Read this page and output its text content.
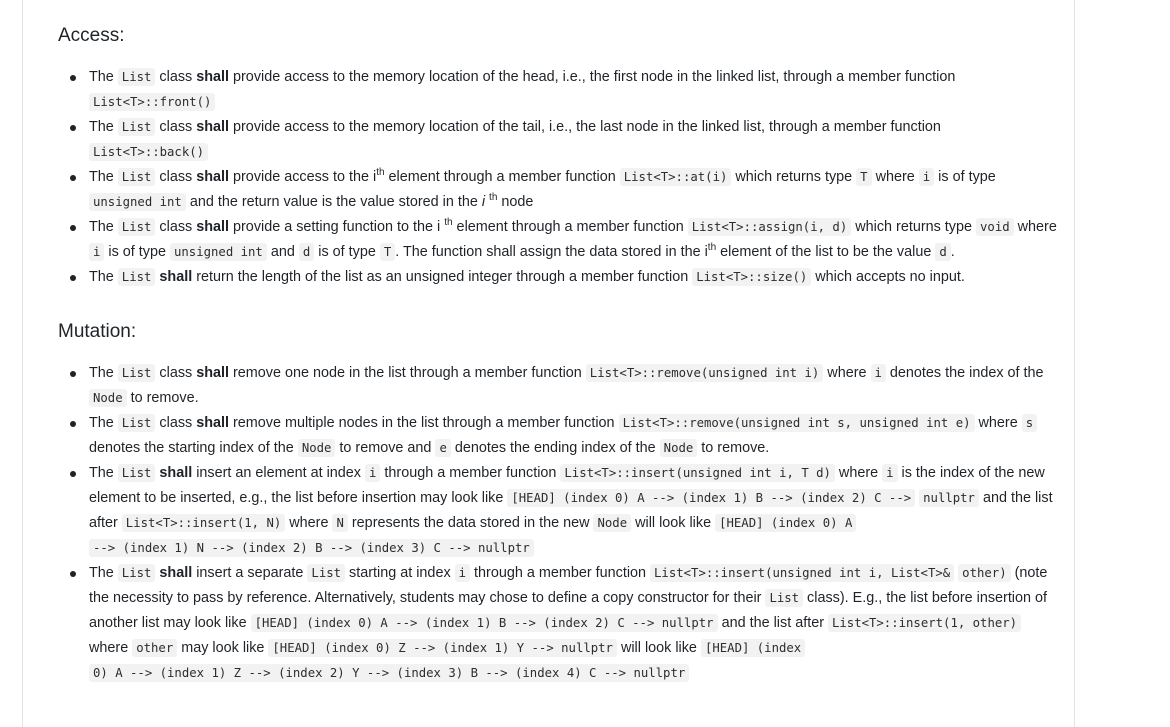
Access:
The List class shall provide access to the memory location of the head, i.e., the first node in the linked list, through a member function List<T>::front()
The List class shall provide access to the memory location of the tail, i.e., the last node in the linked list, through a member function List<T>::back()
The List class shall provide access to the $i^{th}$ element through a member function List<T>::at(i) which returns type T where i is of type unsigned int and the return value is the value stored in the i $^{th}$ node
The List class shall provide a setting function to the i $^{th}$ element through a member function List<T>::assign(i, d) which returns type void where i is of type unsigned int and d is of type T . The function shall assign the data stored in the $i^{th}$ element of the list to be the value d .
The List shall return the length of the list as an unsigned integer through a member function List<T>::size() which accepts no input.
Mutation:
The List class shall remove one node in the list through a member function List<T>::remove(unsigned int i) where i denotes the index of the Node to remove.
The List class shall remove multiple nodes in the list through a member function List<T>::remove(unsigned int s, unsigned int e) where s denotes the starting index of the Node to remove and e denotes the ending index of the Node to remove.
The List shall insert an element at index i through a member function List<T>::insert(unsigned int i, T d) where i is the index of the new element to be inserted, e.g., the list before insertion may look like [HEAD] (index 0) A --> (index 1) B --> (index 2) C --> nullptr and the list after List<T>::insert(1, N) where N represents the data stored in the new Node will look like [HEAD] (index 0) A --> (index 1) N --> (index 2) B --> (index 3) C --> nullptr
The List shall insert a separate List starting at index i through a member function List<T>::insert(unsigned int i, List<T>& other) (note the necessity to pass by reference. Alternatively, students may chose to define a copy constructor for their List class). E.g., the list before insertion of another list may look like [HEAD] (index 0) A --> (index 1) B --> (index 2) C --> nullptr and the list after List<T>::insert(1, other) where other may look like [HEAD] (index 0) Z --> (index 1) Y --> nullptr will look like [HEAD] (index 0) A --> (index 1) Z --> (index 2) Y --> (index 3) B --> (index 4) C --> nullptr
